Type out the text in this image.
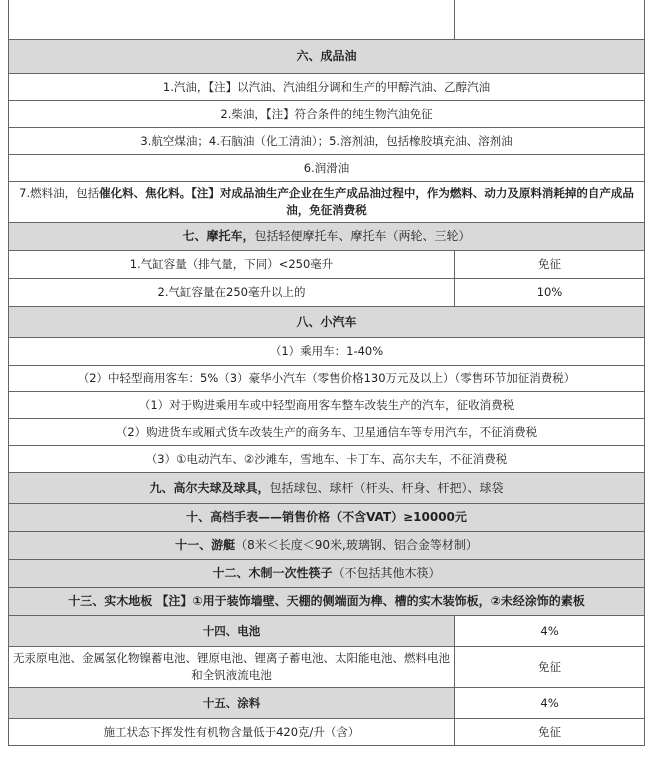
六、成品油	
1.汽油，【注】以汽油、汽油组分调和生产的甲醇汽油、乙醇汽油	
2.柴油，【注】符合条件的纯生物汽油免征	
3.航空煤油；4.石脑油（化工清油）；5.溶剂油，包括橡胶填充油、溶剂油	
6.润滑油	
7.燃料油，包括催化料、焦化料。【注】对成品油生产企业在生产成品油过程中，作为燃料、动力及原料消耗掉的自产成品油，免征消费税	
七、摩托车，包括轻便摩托车、摩托车（两轮、三轮）	
1.气缸容量（排气量，下同）<250毫升	免征
2.气缸容量在250毫升以上的	10%
八、小汽车	
（1）乘用车：1-40%	
（2）中轻型商用客车：5%（3）豪华小汽车（零售价格130万元及以上）（零售环节加征消费税）	
（1）对于购进乘用车或中轻型商用客车整车改装生产的汽车，征收消费税	
（2）购进货车或厢式货车改装生产的商务车、卫星通信车等专用汽车，不征消费税	
（3）①电动汽车、②沙滩车，雪地车、卡丁车、高尔夫车，不征消费税	
九、高尔夫球及球具，包括球包、球杆（杆头、杆身、杆把）、球袋	
十、高档手表——销售价格（不含VAT）≥10000元	
十一、游艇（8米＜长度＜90米,玻璃钢、铝合金等材制）	
十二、木制一次性筷子（不包括其他木筷）	
十三、实木地板 【注】①用于装饰墙壁、天棚的侧端面为榫、槽的实木装饰板，②未经涂饰的素板	
十四、电池	4%
无汞原电池、金属氢化物镍蓄电池、锂原电池、锂离子蓄电池、太阳能电池、燃料电池和全钒液流电池	免征
十五、涂料	4%
施工状态下挥发性有机物含量低于420克/升（含）	免征
